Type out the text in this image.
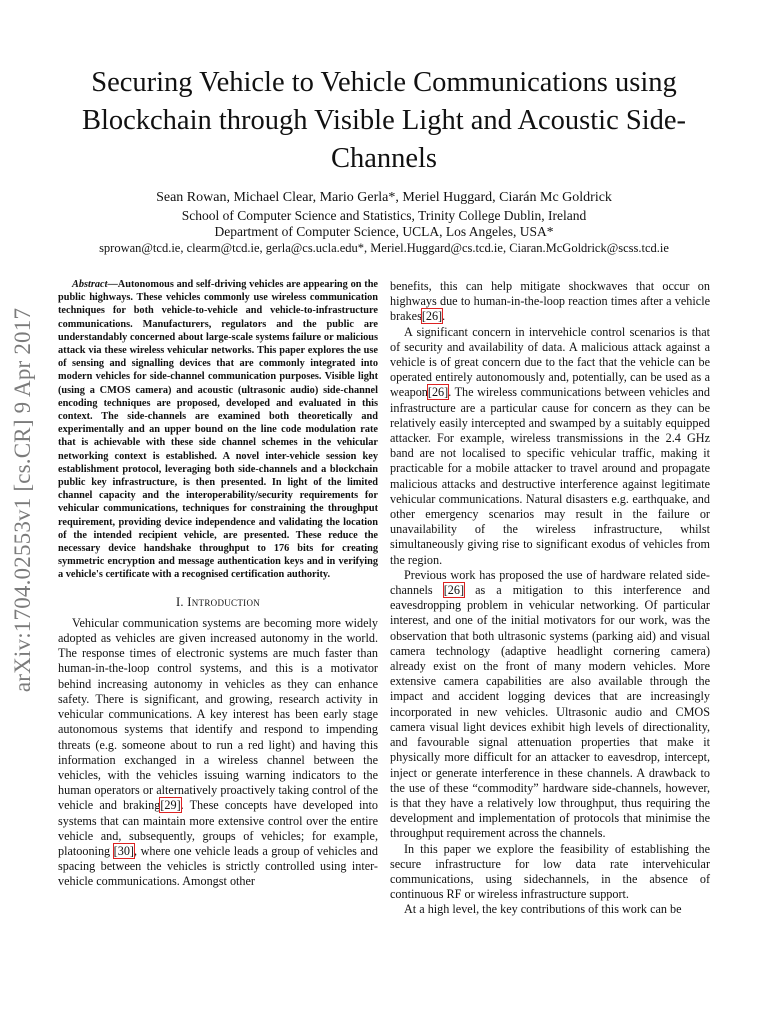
arXiv:1704.02553v1 [cs.CR] 9 Apr 2017
Securing Vehicle to Vehicle Communications using Blockchain through Visible Light and Acoustic Side-Channels
Sean Rowan, Michael Clear, Mario Gerla*, Meriel Huggard, Ciarán Mc Goldrick
School of Computer Science and Statistics, Trinity College Dublin, Ireland
Department of Computer Science, UCLA, Los Angeles, USA*
sprowan@tcd.ie, clearm@tcd.ie, gerla@cs.ucla.edu*, Meriel.Huggard@cs.tcd.ie, Ciaran.McGoldrick@scss.tcd.ie

Abstract—Autonomous and self-driving vehicles are appearing on the public highways. These vehicles commonly use wireless communication techniques for both vehicle-to-vehicle and vehicle-to-infrastructure communications. Manufacturers, regulators and the public are understandably concerned about large-scale systems failure or malicious attack via these wireless vehicular networks. This paper explores the use of sensing and signalling devices that are commonly integrated into modern vehicles for side-channel communication purposes. Visible light (using a CMOS camera) and acoustic (ultrasonic audio) side-channel encoding techniques are proposed, developed and evaluated in this context. The side-channels are examined both theoretically and experimentally and an upper bound on the line code modulation rate that is achievable with these side channel schemes in the vehicular networking context is established. A novel inter-vehicle session key establishment protocol, leveraging both side-channels and a blockchain public key infrastructure, is then presented. In light of the limited channel capacity and the interoperability/security requirements for vehicular communications, techniques for constraining the throughput requirement, providing device independence and validating the location of the intended recipient vehicle, are presented. These reduce the necessary device handshake throughput to 176 bits for creating symmetric encryption and message authentication keys and in verifying a vehicle's certificate with a recognised certification authority.

I. Introduction

Vehicular communication systems are becoming more widely adopted as vehicles are given increased autonomy in the world. The response times of electronic systems are much faster than human-in-the-loop control systems, and this is a motivator behind increasing autonomy in vehicles as they can enhance safety. There is significant, and growing, research activity in vehicular communications. A key interest has been early stage autonomous systems that identify and respond to impending threats (e.g. someone about to run a red light) and having this information exchanged in a wireless channel between the vehicles, with the vehicles issuing warning indicators to the human operators or alternatively proactively taking control of the vehicle and braking[29]. These concepts have developed into systems that can maintain more extensive control over the entire vehicle and, subsequently, groups of vehicles; for example, platooning [30], where one vehicle leads a group of vehicles and spacing between the vehicles is strictly controlled using inter-vehicle communications. Amongst other

benefits, this can help mitigate shockwaves that occur on highways due to human-in-the-loop reaction times after a vehicle brakes[26].

A significant concern in intervehicle control scenarios is that of security and availability of data. A malicious attack against a vehicle is of great concern due to the fact that the vehicle can be operated entirely autonomously and, potentially, can be used as a weapon[26]. The wireless communications between vehicles and infrastructure are a particular cause for concern as they can be relatively easily intercepted and swamped by a suitably equipped attacker. For example, wireless transmissions in the 2.4 GHz band are not localised to specific vehicular traffic, making it practicable for a mobile attacker to travel around and propagate malicious attacks and destructive interference against legitimate vehicular communications. Natural disasters e.g. earthquake, and other emergency scenarios may result in the failure or unavailability of the wireless infrastructure, whilst simultaneously giving rise to significant exodus of vehicles from the region.

Previous work has proposed the use of hardware related side-channels [26] as a mitigation to this interference and eavesdropping problem in vehicular networking. Of particular interest, and one of the initial motivators for our work, was the observation that both ultrasonic systems (parking aid) and visual camera technology (adaptive headlight cornering camera) already exist on the front of many modern vehicles. More extensive camera capabilities are also available through the impact and accident logging devices that are increasingly incorporated in new vehicles. Ultrasonic audio and CMOS camera visual light devices exhibit high levels of directionality, and favourable signal attenuation properties that make it physically more difficult for an attacker to eavesdrop, intercept, inject or generate interference in these channels. A drawback to the use of these “commodity” hardware side-channels, however, is that they have a relatively low throughput, thus requiring the development and implementation of protocols that minimise the throughput requirement across the channels.

In this paper we explore the feasibility of establishing the secure infrastructure for low data rate intervehicular communications, using sidechannels, in the absence of continuous RF or wireless infrastructure support.

At a high level, the key contributions of this work can be
